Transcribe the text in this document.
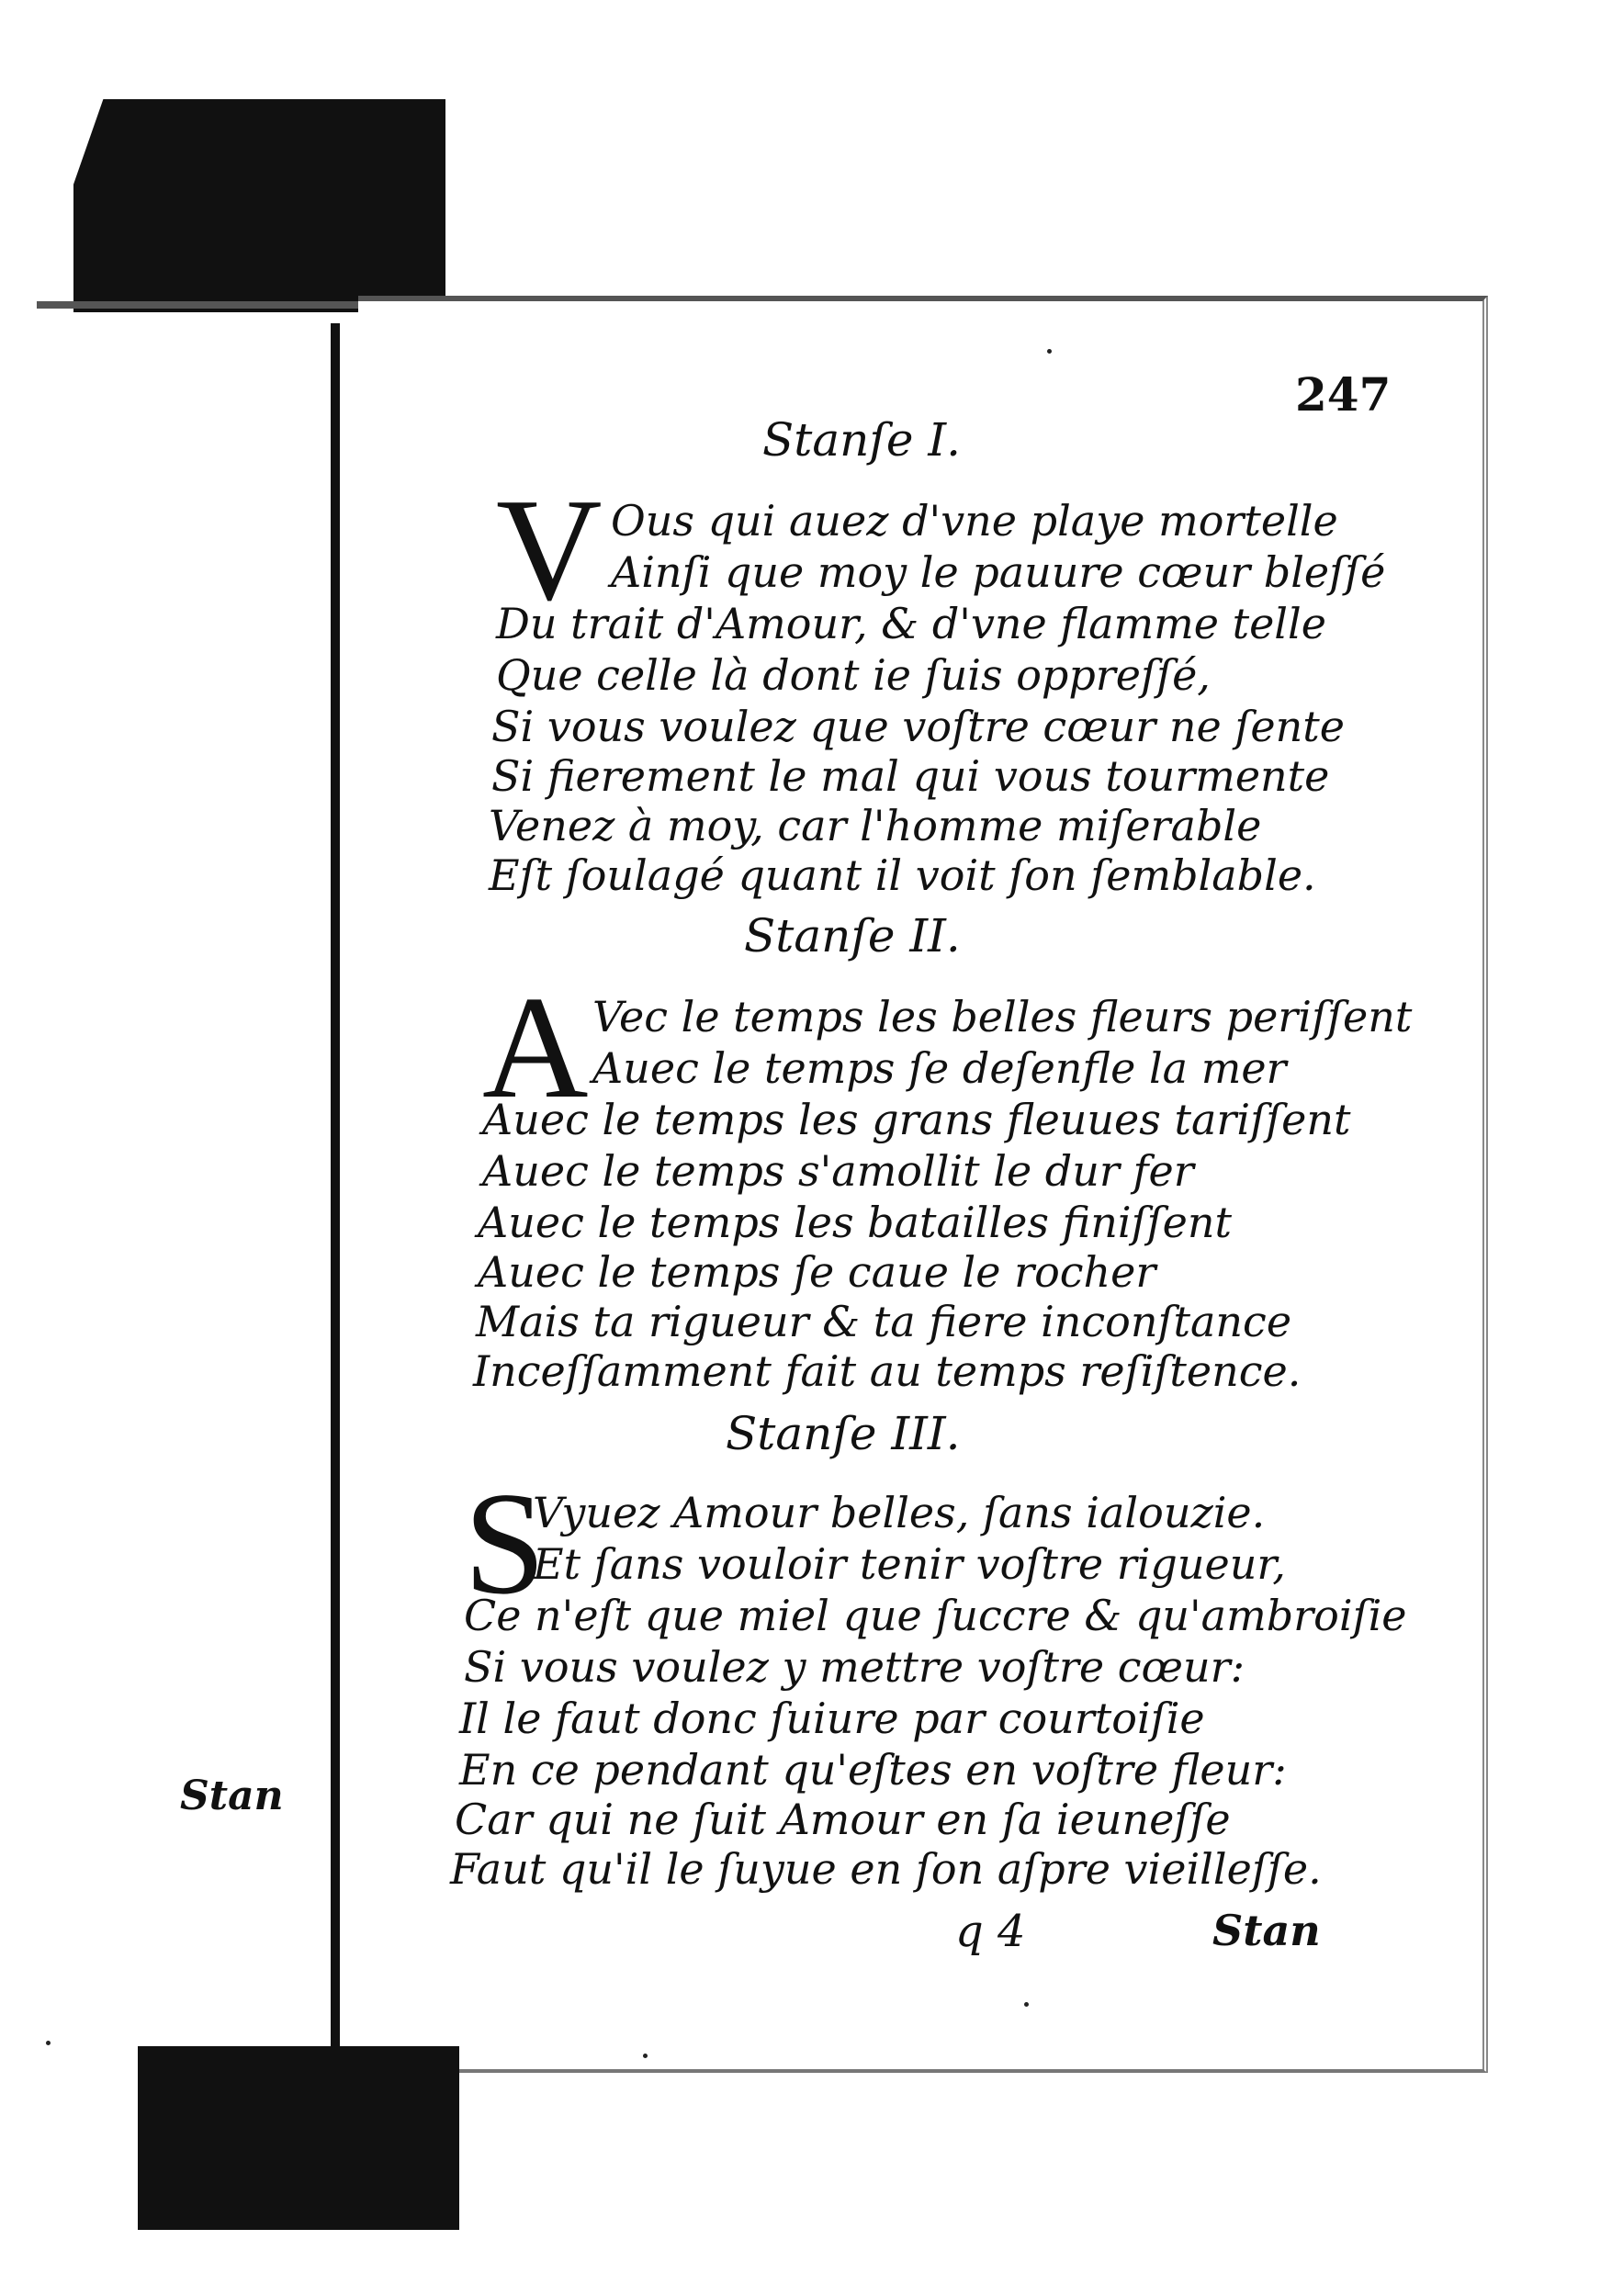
247
Stan
Stanſe I.
V Ous qui auez d'vne playe mortelle
Ainſi que moy le pauure cœur bleſſé
Du trait d'Amour, & d'vne flamme telle
Que celle là dont ie ſuis oppreſſé,
Si vous voulez que voſtre cœur ne ſente
Si fierement le mal qui vous tourmente
Venez à moy, car l'homme miſerable
Eſt ſoulagé quant il voit ſon ſemblable.
Stanſe II.
A Vec le temps les belles fleurs periſſent
Auec le temps ſe deſenfle la mer
Auec le temps les grans fleuues tariſſent
Auec le temps s'amollit le dur fer
Auec le temps les batailles finiſſent
Auec le temps ſe caue le rocher
Mais ta rigueur & ta fiere inconſtance
Inceſſamment fait au temps reſiſtence.
Stanſe III.
S
Vyuez Amour belles, ſans ialouzie.
Et ſans vouloir tenir voſtre rigueur,
Ce n'eſt que miel que ſuccre & qu'ambroiſie
Si vous voulez y mettre voſtre cœur:
Il le faut donc ſuiure par courtoiſie
En ce pendant qu'eſtes en voſtre fleur:
Car qui ne ſuit Amour en ſa ieuneſſe
Faut qu'il le ſuyue en ſon aſpre vieilleſſe.
q 4	Stan
